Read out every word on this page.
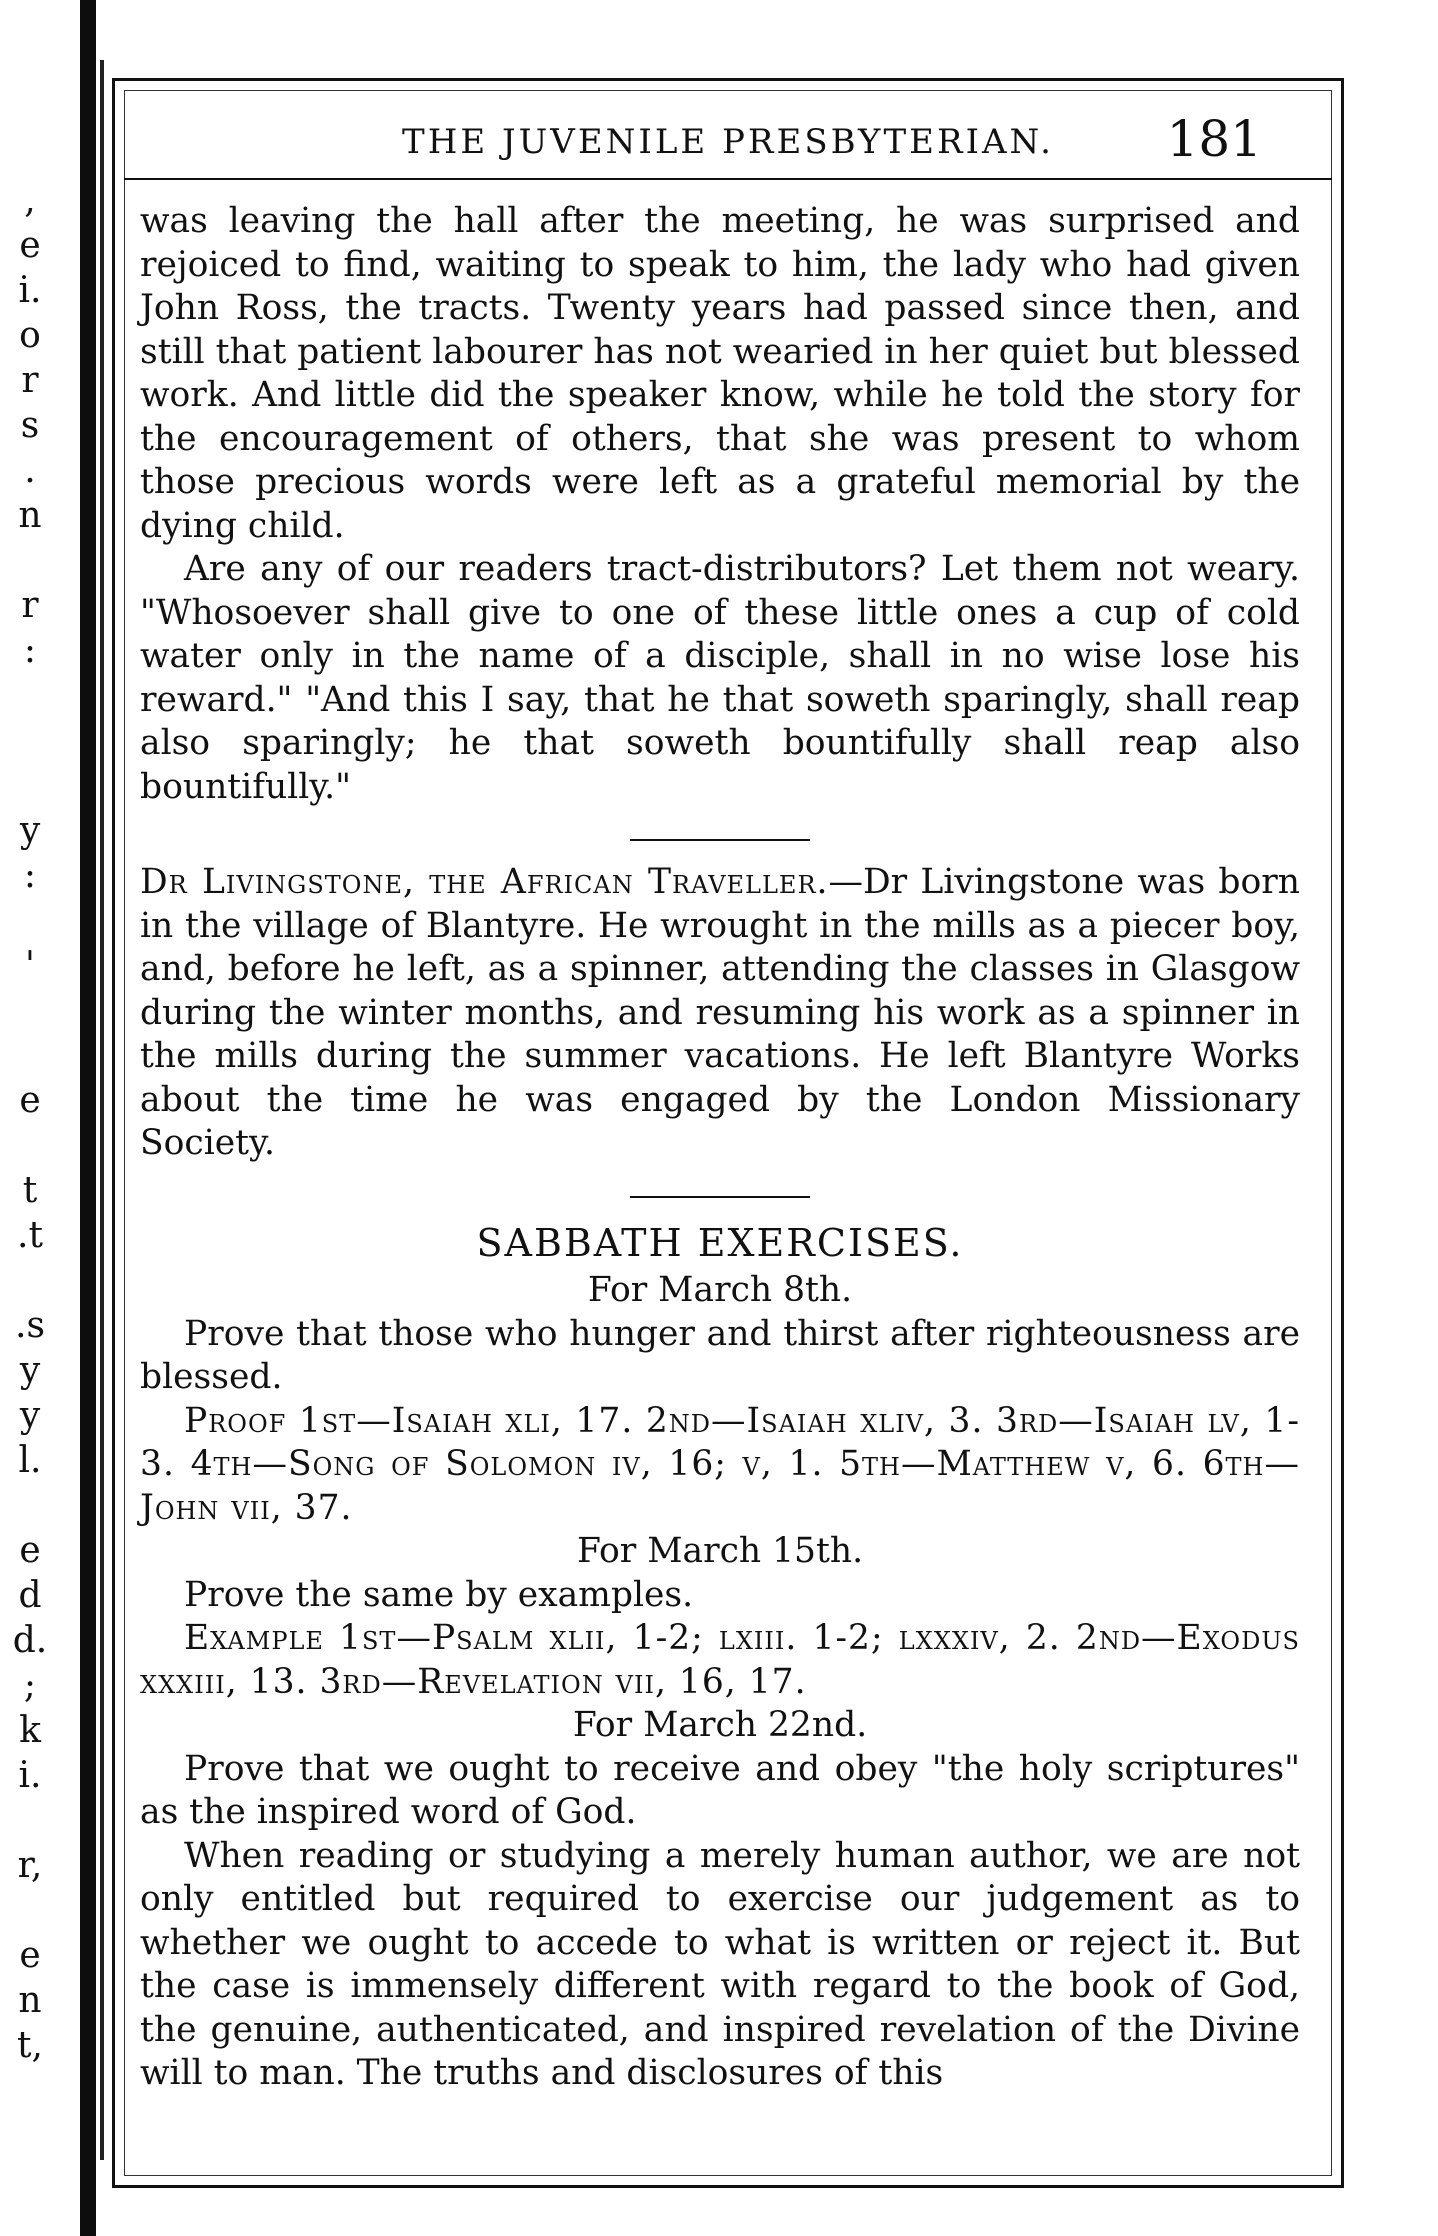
,
e
i.
o
r
s
.
n
r
:
y
:
'
e
t
.t
.s
y
y
l.
e
d
d.
;
k
i.
r,
e
n
t,
THE JUVENILE PRESBYTERIAN.	181

was leaving the hall after the meeting, he was surprised and rejoiced to find, waiting to speak to him, the lady who had given John Ross, the tracts. Twenty years had passed since then, and still that patient labourer has not wearied in her quiet but blessed work. And little did the speaker know, while he told the story for the encouragement of others, that she was present to whom those precious words were left as a grateful memorial by the dying child.

Are any of our readers tract-distributors? Let them not weary. "Whosoever shall give to one of these little ones a cup of cold water only in the name of a disciple, shall in no wise lose his reward." "And this I say, that he that soweth sparingly, shall reap also sparingly; he that soweth bountifully shall reap also bountifully."

Dr Livingstone, the African Traveller.—Dr Livingstone was born in the village of Blantyre. He wrought in the mills as a piecer boy, and, before he left, as a spinner, attending the classes in Glasgow during the winter months, and resuming his work as a spinner in the mills during the summer vacations. He left Blantyre Works about the time he was engaged by the London Missionary Society.

SABBATH EXERCISES.

For March 8th.

Prove that those who hunger and thirst after righteousness are blessed.

Proof 1st—Isaiah xli, 17. 2nd—Isaiah xliv, 3. 3rd—Isaiah lv, 1-3. 4th—Song of Solomon iv, 16; v, 1. 5th—Matthew v, 6. 6th—John vii, 37.

For March 15th.

Prove the same by examples.

Example 1st—Psalm xlii, 1-2; lxiii. 1-2; lxxxiv, 2. 2nd—Exodus xxxiii, 13. 3rd—Revelation vii, 16, 17.

For March 22nd.

Prove that we ought to receive and obey "the holy scriptures" as the inspired word of God.

When reading or studying a merely human author, we are not only entitled but required to exercise our judgement as to whether we ought to accede to what is written or reject it. But the case is immensely different with regard to the book of God, the genuine, authenticated, and inspired revelation of the Divine will to man. The truths and disclosures of this
